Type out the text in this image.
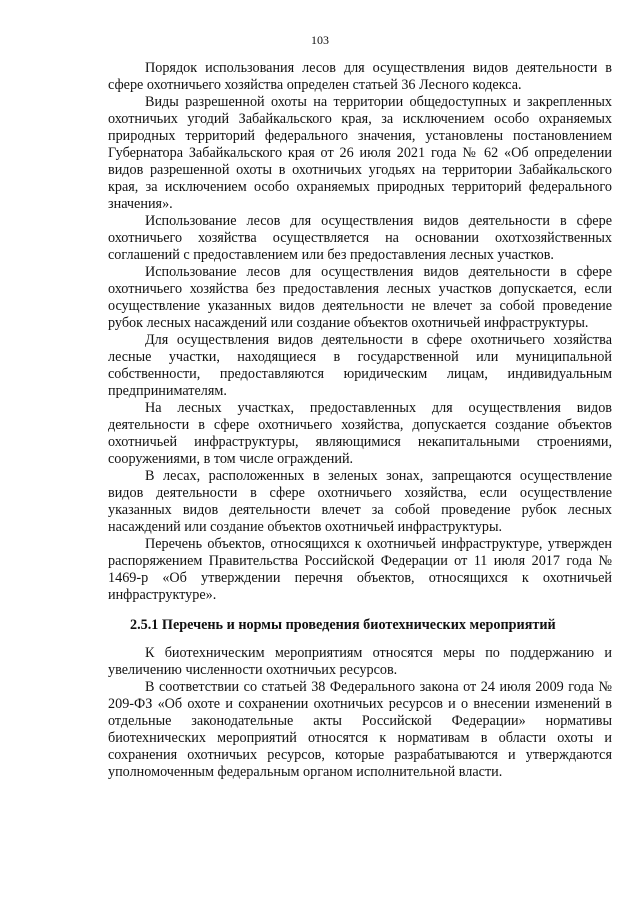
103

Порядок использования лесов для осуществления видов деятельности в сфере охотничьего хозяйства определен статьей 36 Лесного кодекса.

Виды разрешенной охоты на территории общедоступных и закрепленных охотничьих угодий Забайкальского края, за исключением особо охраняемых природных территорий федерального значения, установлены постановлением Губернатора Забайкальского края от 26 июля 2021 года № 62 «Об определении видов разрешенной охоты в охотничьих угодьях на территории Забайкальского края, за исключением особо охраняемых природных территорий федерального значения».

Использование лесов для осуществления видов деятельности в сфере охотничьего хозяйства осуществляется на основании охотхозяйственных соглашений с предоставлением или без предоставления лесных участков.

Использование лесов для осуществления видов деятельности в сфере охотничьего хозяйства без предоставления лесных участков допускается, если осуществление указанных видов деятельности не влечет за собой проведение рубок лесных насаждений или создание объектов охотничьей инфраструктуры.

Для осуществления видов деятельности в сфере охотничьего хозяйства лесные участки, находящиеся в государственной или муниципальной собственности, предоставляются юридическим лицам, индивидуальным предпринимателям.

На лесных участках, предоставленных для осуществления видов деятельности в сфере охотничьего хозяйства, допускается создание объектов охотничьей инфраструктуры, являющимися некапитальными строениями, сооружениями, в том числе ограждений.

В лесах, расположенных в зеленых зонах, запрещаются осуществление видов деятельности в сфере охотничьего хозяйства, если осуществление указанных видов деятельности влечет за собой проведение рубок лесных насаждений или создание объектов охотничьей инфраструктуры.

Перечень объектов, относящихся к охотничьей инфраструктуре, утвержден распоряжением Правительства Российской Федерации от 11 июля 2017 года № 1469-р «Об утверждении перечня объектов, относящихся к охотничьей инфраструктуре».

2.5.1 Перечень и нормы проведения биотехнических мероприятий

К биотехническим мероприятиям относятся меры по поддержанию и увеличению численности охотничьих ресурсов.

В соответствии со статьей 38 Федерального закона от 24 июля 2009 года № 209-ФЗ «Об охоте и сохранении охотничьих ресурсов и о внесении изменений в отдельные законодательные акты Российской Федерации» нормативы биотехнических мероприятий относятся к нормативам в области охоты и сохранения охотничьих ресурсов, которые разрабатываются и утверждаются уполномоченным федеральным органом исполнительной власти.
